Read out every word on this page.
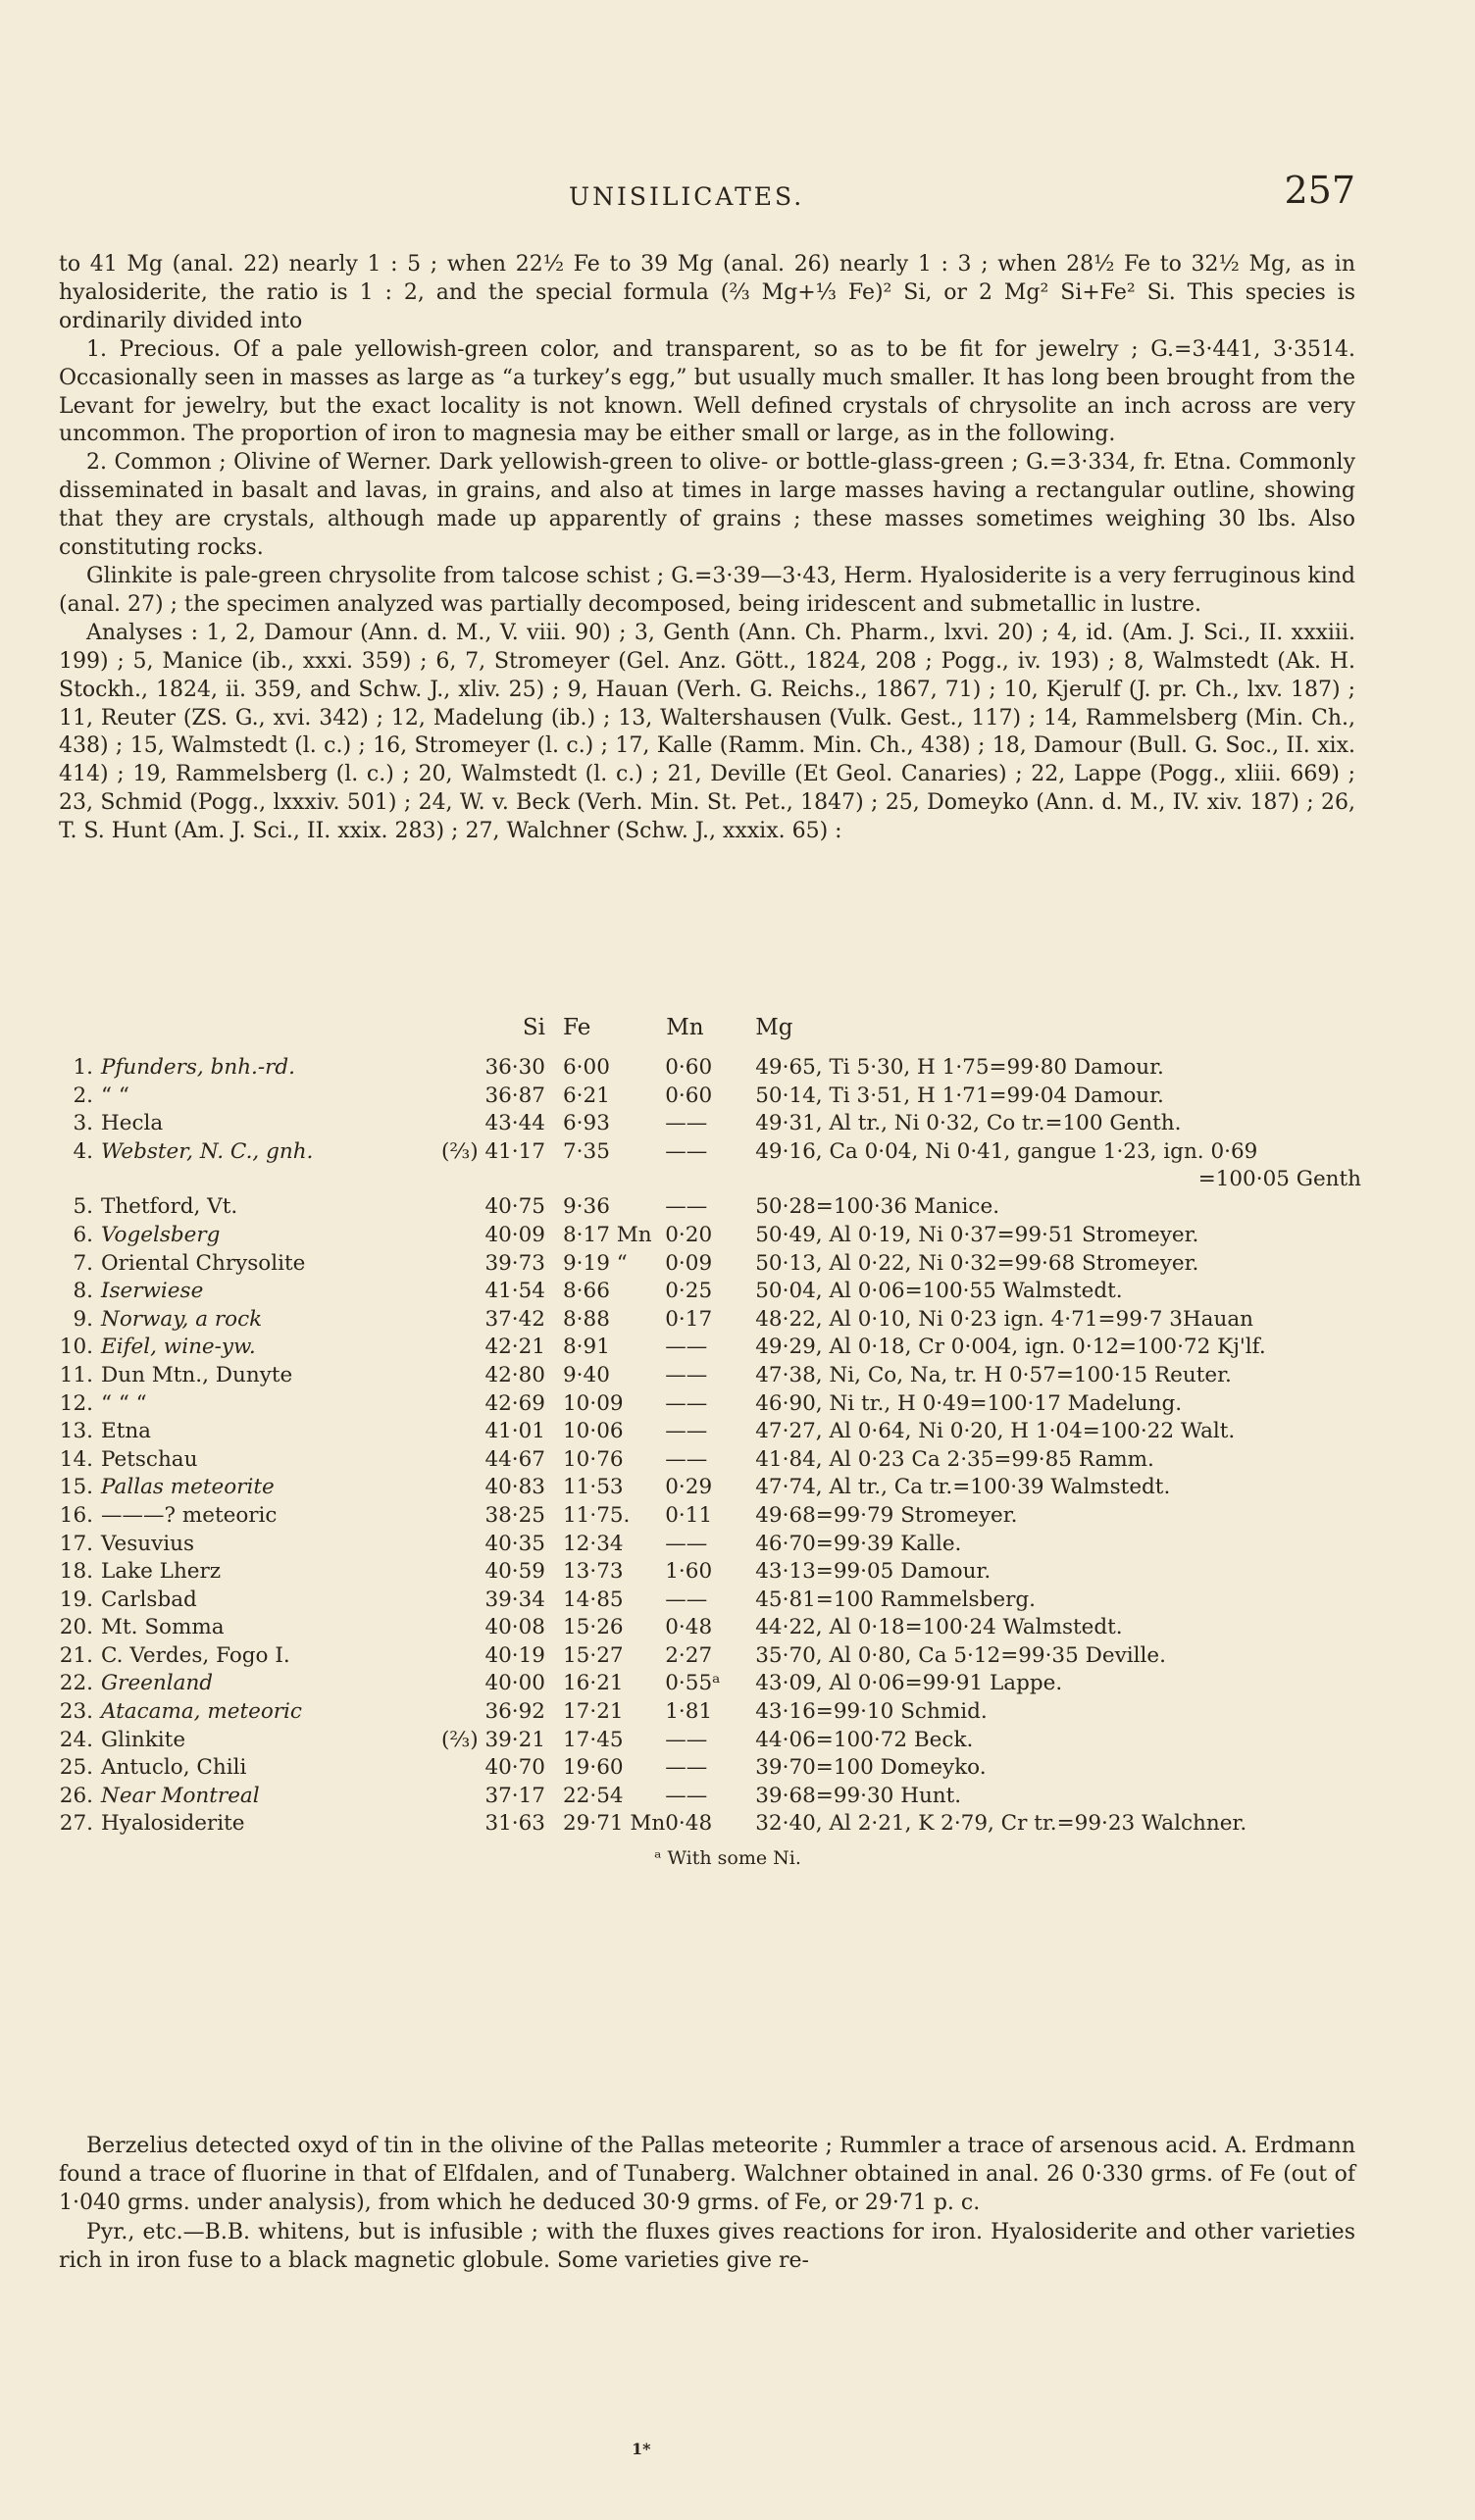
UNISILICATES.	257

to 41 Mg (anal. 22) nearly 1 : 5 ; when 22½ Fe to 39 Mg (anal. 26) nearly 1 : 3 ; when 28½ Fe to 32½ Mg, as in hyalosiderite, the ratio is 1 : 2, and the special formula (⅔ Mg+⅓ Fe)² Si, or 2 Mg² Si+Fe² Si. This species is ordinarily divided into

1. Precious. Of a pale yellowish-green color, and transparent, so as to be fit for jewelry ; G.=3·441, 3·3514. Occasionally seen in masses as large as “a turkey’s egg,” but usually much smaller. It has long been brought from the Levant for jewelry, but the exact locality is not known. Well defined crystals of chrysolite an inch across are very uncommon. The proportion of iron to magnesia may be either small or large, as in the following.

2. Common ; Olivine of Werner. Dark yellowish-green to olive- or bottle-glass-green ; G.=3·334, fr. Etna. Commonly disseminated in basalt and lavas, in grains, and also at times in large masses having a rectangular outline, showing that they are crystals, although made up apparently of grains ; these masses sometimes weighing 30 lbs. Also constituting rocks.

Glinkite is pale-green chrysolite from talcose schist ; G.=3·39—3·43, Herm. Hyalosiderite is a very ferruginous kind (anal. 27) ; the specimen analyzed was partially decomposed, being iridescent and submetallic in lustre.

Analyses : 1, 2, Damour (Ann. d. M., V. viii. 90) ; 3, Genth (Ann. Ch. Pharm., lxvi. 20) ; 4, id. (Am. J. Sci., II. xxxiii. 199) ; 5, Manice (ib., xxxi. 359) ; 6, 7, Stromeyer (Gel. Anz. Gött., 1824, 208 ; Pogg., iv. 193) ; 8, Walmstedt (Ak. H. Stockh., 1824, ii. 359, and Schw. J., xliv. 25) ; 9, Hauan (Verh. G. Reichs., 1867, 71) ; 10, Kjerulf (J. pr. Ch., lxv. 187) ; 11, Reuter (ZS. G., xvi. 342) ; 12, Madelung (ib.) ; 13, Waltershausen (Vulk. Gest., 117) ; 14, Rammelsberg (Min. Ch., 438) ; 15, Walmstedt (l. c.) ; 16, Stromeyer (l. c.) ; 17, Kalle (Ramm. Min. Ch., 438) ; 18, Damour (Bull. G. Soc., II. xix. 414) ; 19, Rammelsberg (l. c.) ; 20, Walmstedt (l. c.) ; 21, Deville (Et Geol. Canaries) ; 22, Lappe (Pogg., xliii. 669) ; 23, Schmid (Pogg., lxxxiv. 501) ; 24, W. v. Beck (Verh. Min. St. Pet., 1847) ; 25, Domeyko (Ann. d. M., IV. xiv. 187) ; 26, T. S. Hunt (Am. J. Sci., II. xxix. 283) ; 27, Walchner (Schw. J., xxxix. 65) :

		Si	Fe	Mn	Mg

1.	Pfunders, bnh.-rd.	36·30	6·00	0·60	49·65, Ti 5·30, H 1·75=99·80 Damour.
2.	“ “	36·87	6·21	0·60	50·14, Ti 3·51, H 1·71=99·04 Damour.
3.	Hecla	43·44	6·93	——	49·31, Al tr., Ni 0·32, Co tr.=100 Genth.
4.	Webster, N. C., gnh.	(⅔) 41·17	7·35	——	49·16, Ca 0·04, Ni 0·41, gangue 1·23, ign. 0·69
					=100·05 Genth
5.	Thetford, Vt.	40·75	9·36	——	50·28=100·36 Manice.
6.	Vogelsberg	40·09	8·17 Mn	0·20	50·49, Al 0·19, Ni 0·37=99·51 Stromeyer.
7.	Oriental Chrysolite	39·73	9·19 “	0·09	50·13, Al 0·22, Ni 0·32=99·68 Stromeyer.
8.	Iserwiese	41·54	8·66	0·25	50·04, Al 0·06=100·55 Walmstedt.
9.	Norway, a rock	37·42	8·88	0·17	48·22, Al 0·10, Ni 0·23 ign. 4·71=99·7 3Hauan
10.	Eifel, wine-yw.	42·21	8·91	——	49·29, Al 0·18, Cr 0·004, ign. 0·12=100·72 Kj'lf.
11.	Dun Mtn., Dunyte	42·80	9·40	——	47·38, Ni, Co, Na, tr. H 0·57=100·15 Reuter.
12.	“ “ “	42·69	10·09	——	46·90, Ni tr., H 0·49=100·17 Madelung.
13.	Etna	41·01	10·06	——	47·27, Al 0·64, Ni 0·20, H 1·04=100·22 Walt.
14.	Petschau	44·67	10·76	——	41·84, Al 0·23 Ca 2·35=99·85 Ramm.
15.	Pallas meteorite	40·83	11·53	0·29	47·74, Al tr., Ca tr.=100·39 Walmstedt.
16.	———? meteoric	38·25	11·75.	0·11	49·68=99·79 Stromeyer.
17.	Vesuvius	40·35	12·34	——	46·70=99·39 Kalle.
18.	Lake Lherz	40·59	13·73	1·60	43·13=99·05 Damour.
19.	Carlsbad	39·34	14·85	——	45·81=100 Rammelsberg.
20.	Mt. Somma	40·08	15·26	0·48	44·22, Al 0·18=100·24 Walmstedt.
21.	C. Verdes, Fogo I.	40·19	15·27	2·27	35·70, Al 0·80, Ca 5·12=99·35 Deville.
22.	Greenland	40·00	16·21	0·55ᵃ	43·09, Al 0·06=99·91 Lappe.
23.	Atacama, meteoric	36·92	17·21	1·81	43·16=99·10 Schmid.
24.	Glinkite	(⅔) 39·21	17·45	——	44·06=100·72 Beck.
25.	Antuclo, Chili	40·70	19·60	——	39·70=100 Domeyko.
26.	Near Montreal	37·17	22·54	——	39·68=99·30 Hunt.
27.	Hyalosiderite	31·63	29·71 Mn	0·48	32·40, Al 2·21, K 2·79, Cr tr.=99·23 Walchner.
ᵃ With some Ni.

Berzelius detected oxyd of tin in the olivine of the Pallas meteorite ; Rummler a trace of arsenous acid. A. Erdmann found a trace of fluorine in that of Elfdalen, and of Tunaberg. Walchner obtained in anal. 26 0·330 grms. of Fe (out of 1·040 grms. under analysis), from which he deduced 30·9 grms. of Fe, or 29·71 p. c.

Pyr., etc.—B.B. whitens, but is infusible ; with the fluxes gives reactions for iron. Hyalosiderite and other varieties rich in iron fuse to a black magnetic globule. Some varieties give re-

1*
